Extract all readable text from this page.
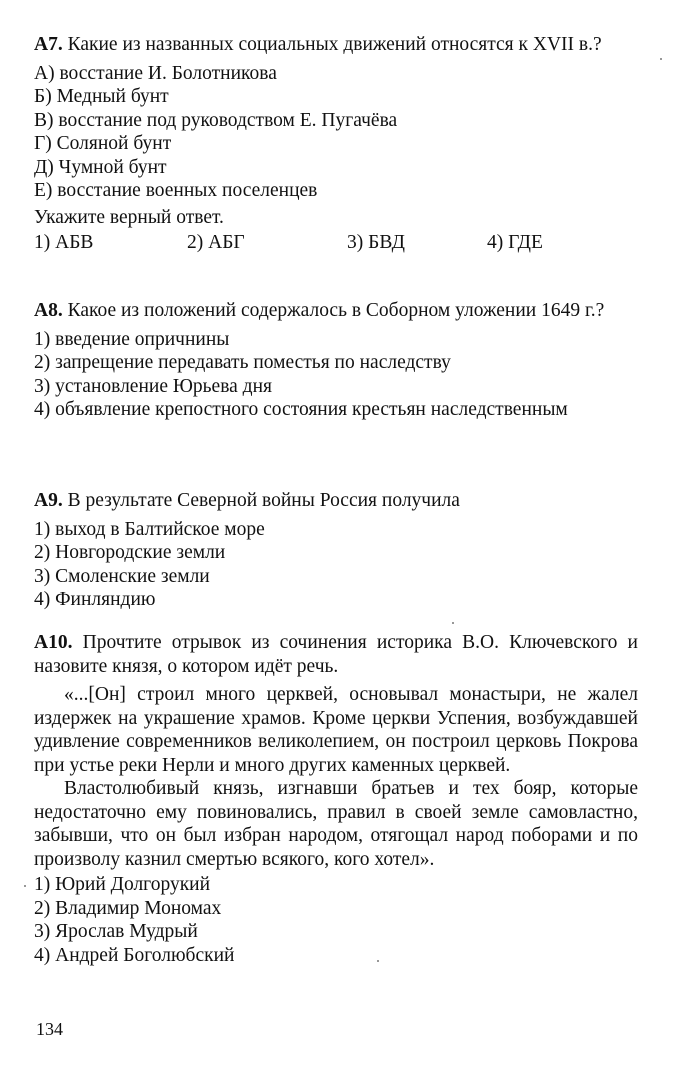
А7. Какие из названных социальных движений относятся к XVII в.?

А) восстание И. Болотникова
Б) Медный бунт
В) восстание под руководством Е. Пугачёва
Г) Соляной бунт
Д) Чумной бунт
Е) восстание военных поселенцев

Укажите верный ответ.

1) АБВ	2) АБГ	3) БВД	4) ГДЕ

А8. Какое из положений содержалось в Соборном уложении 1649 г.?

1) введение опричнины
2) запрещение передавать поместья по наследству
3) установление Юрьева дня
4) объявление крепостного состояния крестьян наследственным

А9. В результате Северной войны Россия получила

1) выход в Балтийское море
2) Новгородские земли
3) Смоленские земли
4) Финляндию

А10. Прочтите отрывок из сочинения историка В.О. Ключевского и назовите князя, о котором идёт речь.

«...[Он] строил много церквей, основывал монастыри, не жалел издержек на украшение храмов. Кроме церкви Успения, возбуждавшей удивление современников великолепием, он построил церковь Покрова при устье реки Нерли и много других каменных церквей.

Властолюбивый князь, изгнавши братьев и тех бояр, которые недостаточно ему повиновались, правил в своей земле самовластно, забывши, что он был избран народом, отягощал народ поборами и по произволу казнил смертью всякого, кого хотел».

1) Юрий Долгорукий
2) Владимир Мономах
3) Ярослав Мудрый
4) Андрей Боголюбский
134
